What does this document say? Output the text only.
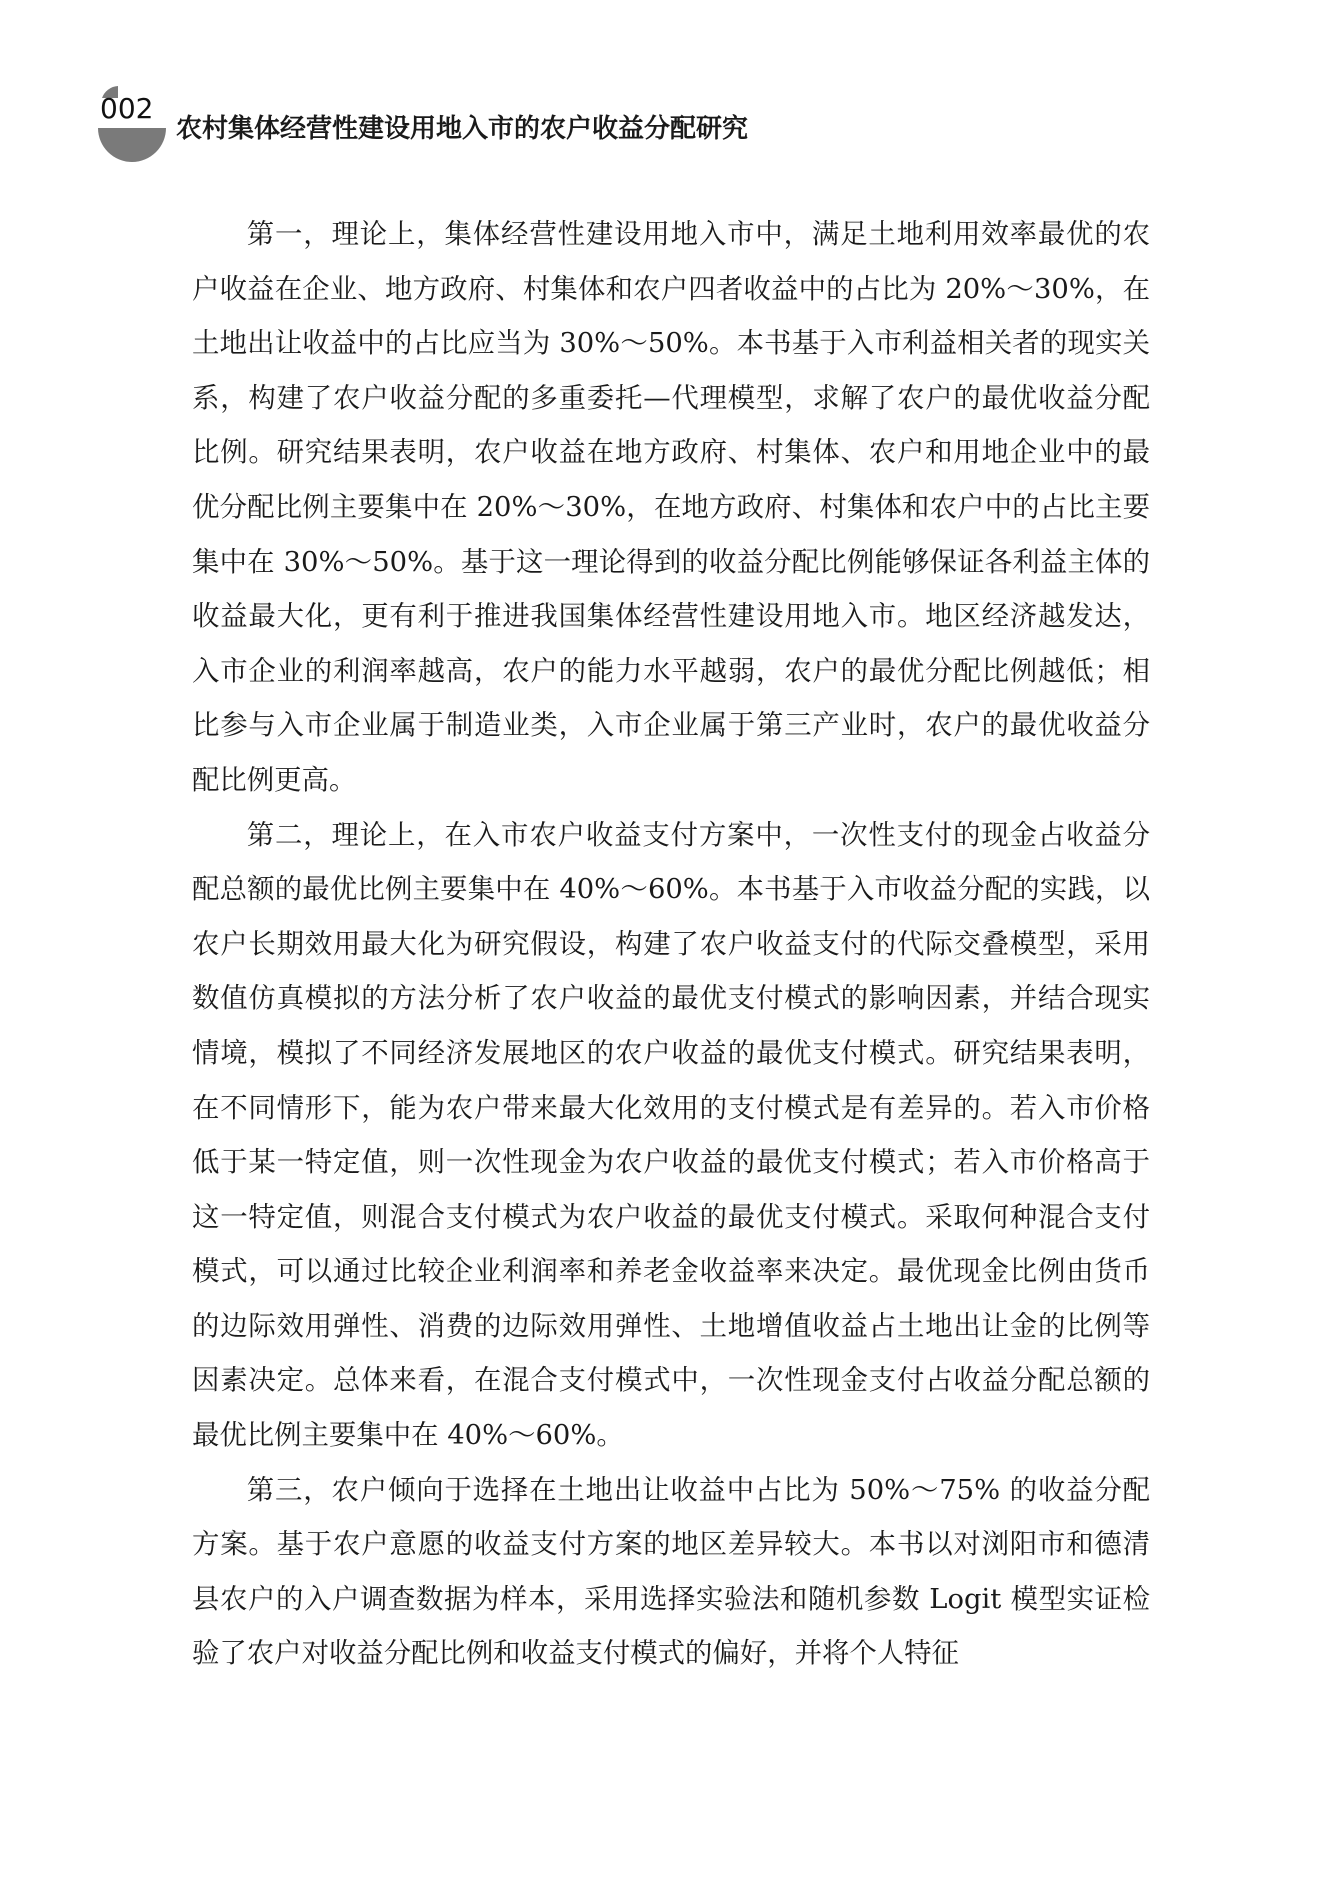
002
农村集体经营性建设用地入市的农户收益分配研究

第一，理论上，集体经营性建设用地入市中，满足土地利用效率最优的农户收益在企业、地方政府、村集体和农户四者收益中的占比为 20%～30%，在土地出让收益中的占比应当为 30%～50%。本书基于入市利益相关者的现实关系，构建了农户收益分配的多重委托—代理模型，求解了农户的最优收益分配比例。研究结果表明，农户收益在地方政府、村集体、农户和用地企业中的最优分配比例主要集中在 20%～30%，在地方政府、村集体和农户中的占比主要集中在 30%～50%。基于这一理论得到的收益分配比例能够保证各利益主体的收益最大化，更有利于推进我国集体经营性建设用地入市。地区经济越发达，入市企业的利润率越高，农户的能力水平越弱，农户的最优分配比例越低；相比参与入市企业属于制造业类，入市企业属于第三产业时，农户的最优收益分配比例更高。

第二，理论上，在入市农户收益支付方案中，一次性支付的现金占收益分配总额的最优比例主要集中在 40%～60%。本书基于入市收益分配的实践，以农户长期效用最大化为研究假设，构建了农户收益支付的代际交叠模型，采用数值仿真模拟的方法分析了农户收益的最优支付模式的影响因素，并结合现实情境，模拟了不同经济发展地区的农户收益的最优支付模式。研究结果表明，在不同情形下，能为农户带来最大化效用的支付模式是有差异的。若入市价格低于某一特定值，则一次性现金为农户收益的最优支付模式；若入市价格高于这一特定值，则混合支付模式为农户收益的最优支付模式。采取何种混合支付模式，可以通过比较企业利润率和养老金收益率来决定。最优现金比例由货币的边际效用弹性、消费的边际效用弹性、土地增值收益占土地出让金的比例等因素决定。总体来看，在混合支付模式中，一次性现金支付占收益分配总额的最优比例主要集中在 40%～60%。

第三，农户倾向于选择在土地出让收益中占比为 50%～75% 的收益分配方案。基于农户意愿的收益支付方案的地区差异较大。本书以对浏阳市和德清县农户的入户调查数据为样本，采用选择实验法和随机参数 Logit 模型实证检验了农户对收益分配比例和收益支付模式的偏好，并将个人特征
